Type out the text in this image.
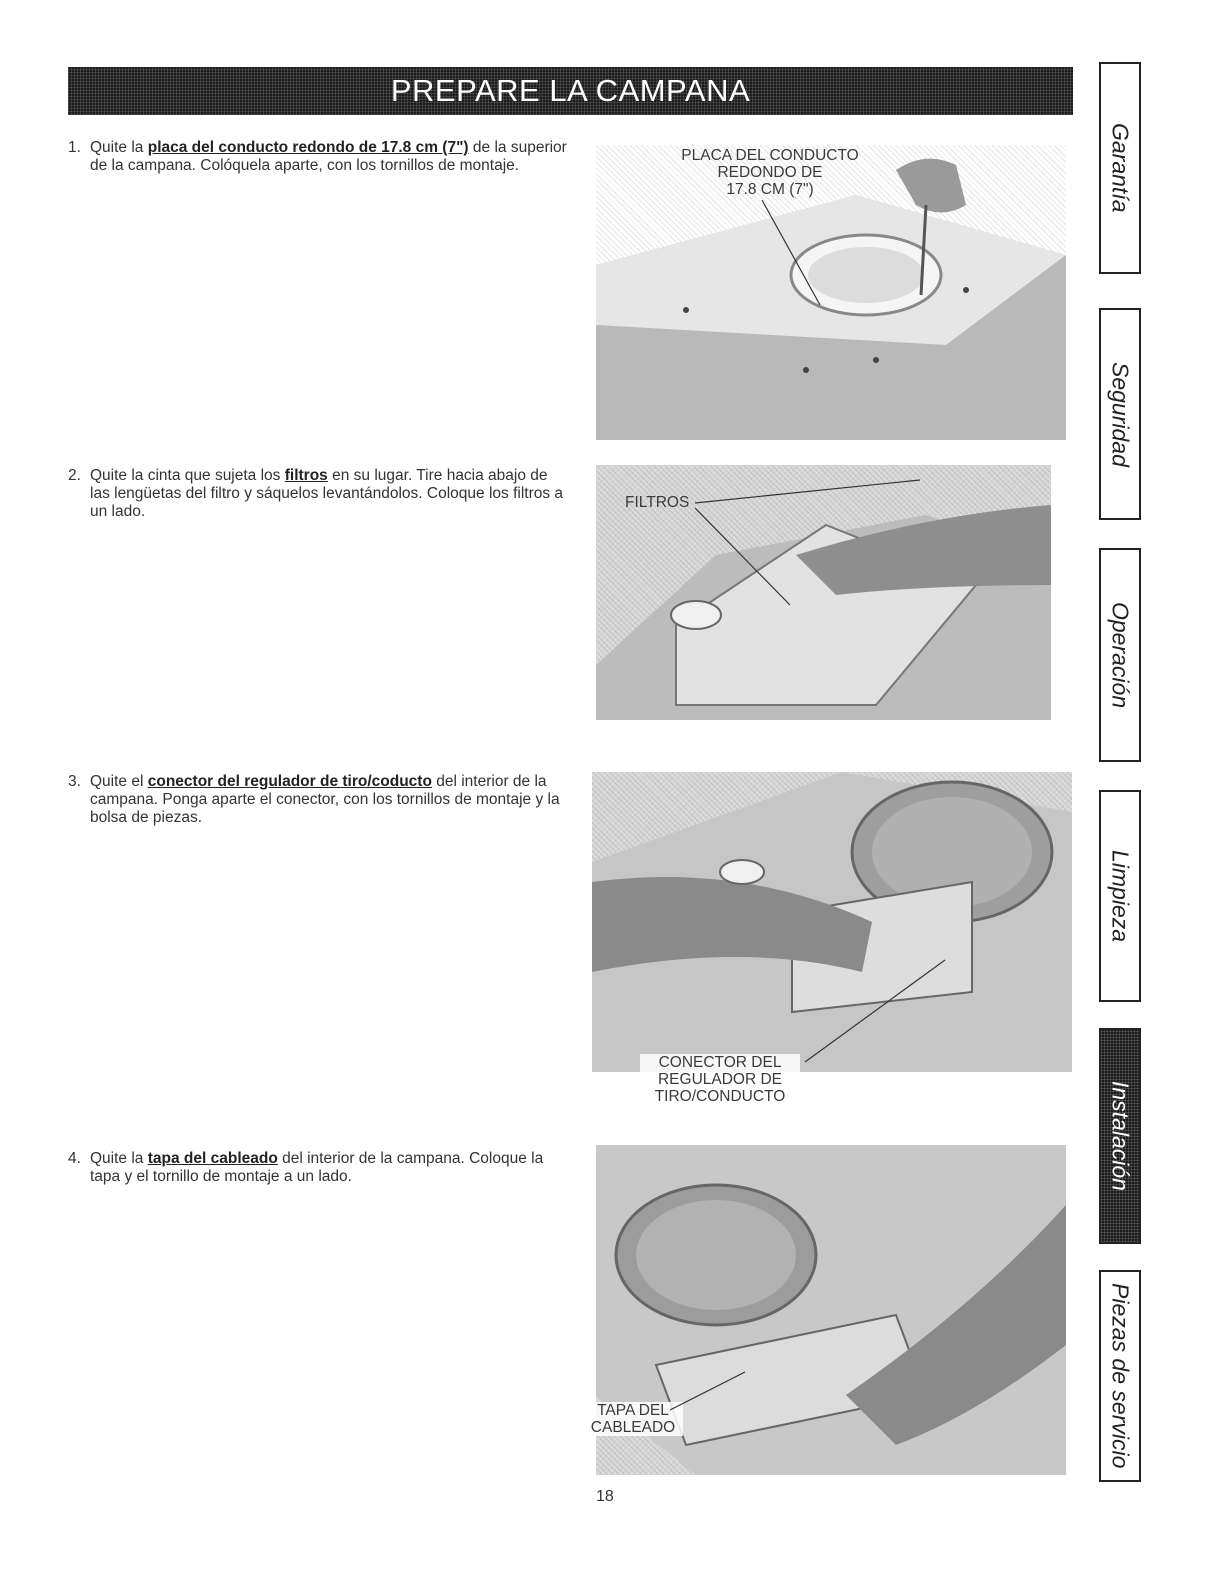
PREPARE LA CAMPANA
1. Quite la placa del conducto redondo de 17.8 cm (7") de la superior de la campana. Colóquela aparte, con los tornillos de montaje.
2. Quite la cinta que sujeta los filtros en su lugar. Tire hacia abajo de las lengüetas del filtro y sáquelos levantándolos. Coloque los filtros a un lado.
3. Quite el conector del regulador de tiro/coducto del interior de la campana. Ponga aparte el conector, con los tornillos de montaje y la bolsa de piezas.
4. Quite la tapa del cableado del interior de la campana. Coloque la tapa y el tornillo de montaje a un lado.
PLACA DEL CONDUCTO
REDONDO DE
17.8 CM (7")
FILTROS
CONECTOR DEL
REGULADOR DE
TIRO/CONDUCTO
TAPA DEL
CABLEADO
Garantía
Seguridad
Operación
Limpieza
Instalación
Piezas de servicio
18
